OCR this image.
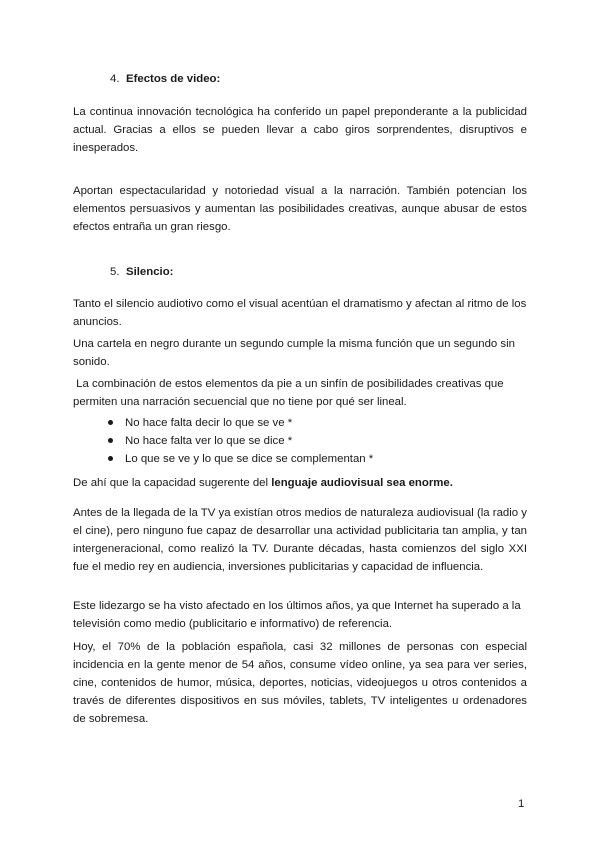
4. Efectos de video:

La continua innovación tecnológica ha conferido un papel preponderante a la publicidad actual. Gracias a ellos se pueden llevar a cabo giros sorprendentes, disruptivos e inesperados.

Aportan espectacularidad y notoriedad visual a la narración. También potencian los elementos persuasivos y aumentan las posibilidades creativas, aunque abusar de estos efectos entraña un gran riesgo.

5. Silencio:

Tanto el silencio audiotivo como el visual acentúan el dramatismo y afectan al ritmo de los anuncios.

Una cartela en negro durante un segundo cumple la misma función que un segundo sin sonido.

La combinación de estos elementos da pie a un sinfín de posibilidades creativas que permiten una narración secuencial que no tiene por qué ser lineal.

No hace falta decir lo que se ve *
No hace falta ver lo que se dice *
Lo que se ve y lo que se dice se complementan *

De ahí que la capacidad sugerente del lenguaje audiovisual sea enorme.

Antes de la llegada de la TV ya existían otros medios de naturaleza audiovisual (la radio y el cine), pero ninguno fue capaz de desarrollar una actividad publicitaria tan amplia, y tan intergeneracional, como realizó la TV. Durante décadas, hasta comienzos del siglo XXI fue el medio rey en audiencia, inversiones publicitarias y capacidad de influencia.

Este lidezargo se ha visto afectado en los últimos años, ya que Internet ha superado a la televisión como medio (publicitario e informativo) de referencia.

Hoy, el 70% de la población española, casi 32 millones de personas con especial incidencia en la gente menor de 54 años, consume vídeo online, ya sea para ver series, cine, contenidos de humor, música, deportes, noticias, videojuegos u otros contenidos a través de diferentes dispositivos en sus móviles, tablets, TV inteligentes u ordenadores de sobremesa.

1
